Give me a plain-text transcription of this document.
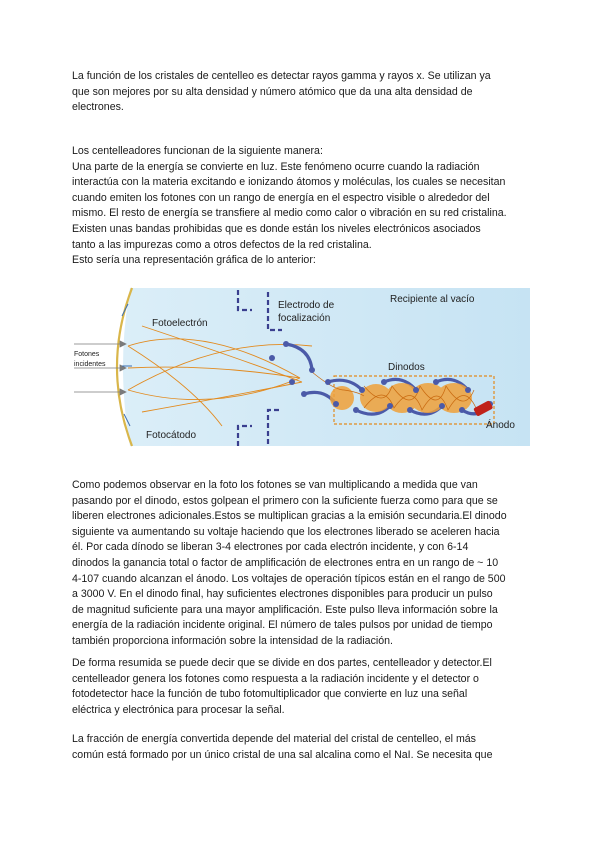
La función de los cristales de centelleo es detectar rayos gamma y rayos x. Se utilizan ya
que son mejores por su alta densidad y número atómico que da una alta densidad de
electrones.
Los centelleadores funcionan de la siguiente manera:
Una parte de la energía se convierte en luz. Este fenómeno ocurre cuando la radiación
interactúa con la materia excitando e ionizando átomos y moléculas, los cuales se necesitan
cuando emiten los fotones con un rango de energía en el espectro visible o alrededor del
mismo. El resto de energía se transfiere al medio como calor o vibración en su red cristalina.
Existen unas bandas prohibidas que es donde están los niveles electrónicos asociados
tanto a las impurezas como a otros defectos de la red cristalina.
Esto sería una representación gráfica de lo anterior:
Fotones
incidentes
Fotoelectrón
Fotocátodo
Electrodo de
focalización
Recipiente al vacío
Dinodos
Ánodo
Como podemos observar en la foto los fotones se van multiplicando a medida que van
pasando por el dinodo, estos golpean el primero con la suficiente fuerza como para que se
liberen electrones adicionales.Estos se multiplican gracias a la emisión secundaria.El dinodo
siguiente va aumentando su voltaje haciendo que los electrones liberado se aceleren hacia
él. Por cada dínodo se liberan 3-4 electrones por cada electrón incidente, y con 6-14
dinodos la ganancia total o factor de amplificación de electrones entra en un rango de ~ 10
4-107 cuando alcanzan el ánodo. Los voltajes de operación típicos están en el rango de 500
a 3000 V. En el dinodo final, hay suficientes electrones disponibles para producir un pulso
de magnitud suficiente para una mayor amplificación. Este pulso lleva información sobre la
energía de la radiación incidente original. El número de tales pulsos por unidad de tiempo
también proporciona información sobre la intensidad de la radiación.
De forma resumida se puede decir que se divide en dos partes, centelleador y detector.El
centelleador genera los fotones como respuesta a la radiación incidente y el detector o
fotodetector hace la función de tubo fotomultiplicador que convierte en luz una señal
eléctrica y electrónica para procesar la señal.
La fracción de energía convertida depende del material del cristal de centelleo, el más
común está formado por un único cristal de una sal alcalina como el NaI. Se necesita que
